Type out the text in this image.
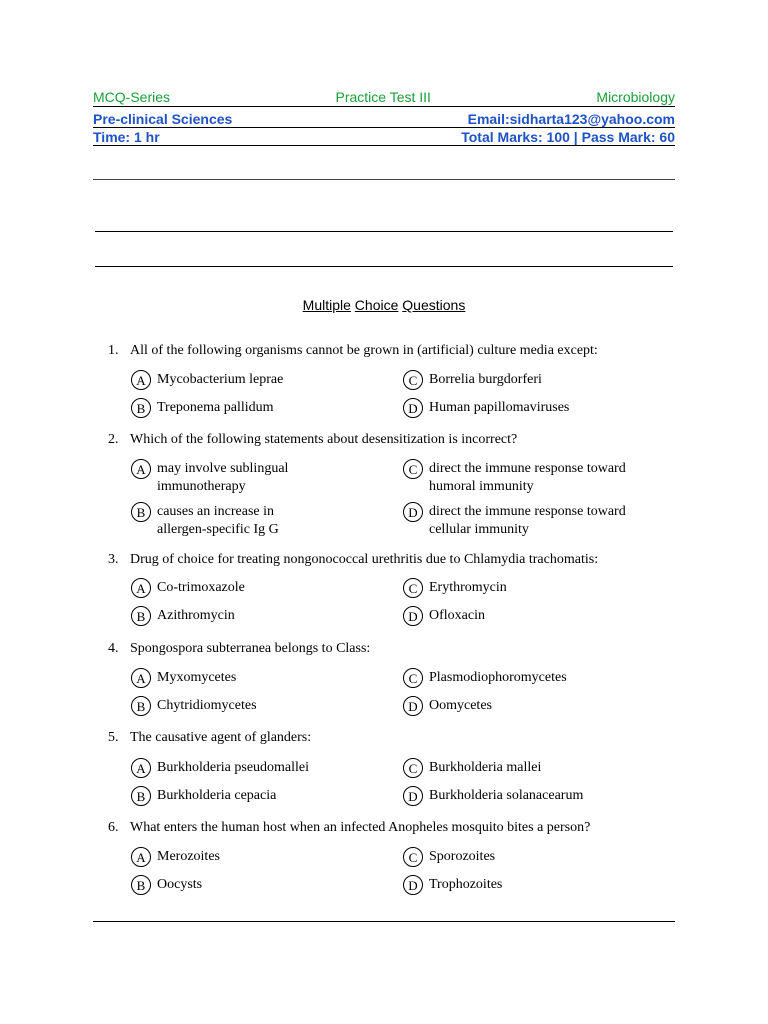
MCQ-Series	Practice Test III	Microbiology
Pre-clinical Sciences	Email:sidharta123@yahoo.com
Time: 1 hr	Total Marks: 100 | Pass Mark: 60
Multiple Choice Questions
1. All of the following organisms cannot be grown in (artificial) culture media except:
A Mycobacterium leprae	C Borrelia burgdorferi
B Treponema pallidum	D Human papillomaviruses
2. Which of the following statements about desensitization is incorrect?
A may involve sublingual immunotherapy
C direct the immune response toward humoral immunity
B causes an increase in allergen-specific Ig G
D direct the immune response toward cellular immunity
3. Drug of choice for treating nongonococcal urethritis due to Chlamydia trachomatis:
A Co-trimoxazole	C Erythromycin
B Azithromycin	D Ofloxacin
4. Spongospora subterranea belongs to Class:
A Myxomycetes	C Plasmodiophoromycetes
B Chytridiomycetes	D Oomycetes
5. The causative agent of glanders:
A Burkholderia pseudomallei	C Burkholderia mallei
B Burkholderia cepacia	D Burkholderia solanacearum
6. What enters the human host when an infected Anopheles mosquito bites a person?
A Merozoites	C Sporozoites
B Oocysts	D Trophozoites
